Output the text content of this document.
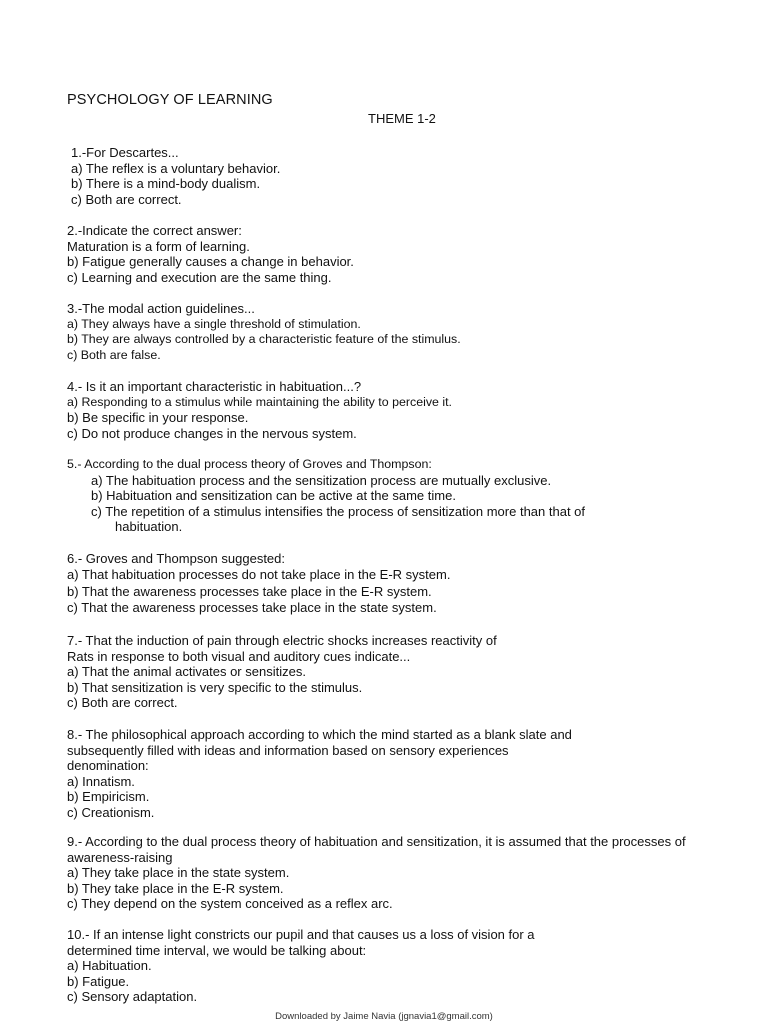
PSYCHOLOGY OF LEARNING
THEME 1-2
1.-For Descartes...
a) The reflex is a voluntary behavior.
b) There is a mind-body dualism.
c) Both are correct.
2.-Indicate the correct answer:
Maturation is a form of learning.
b) Fatigue generally causes a change in behavior.
c) Learning and execution are the same thing.
3.-The modal action guidelines...
a) They always have a single threshold of stimulation.
b) They are always controlled by a characteristic feature of the stimulus.
c) Both are false.
4.- Is it an important characteristic in habituation...?
a) Responding to a stimulus while maintaining the ability to perceive it.
b) Be specific in your response.
c) Do not produce changes in the nervous system.
5.- According to the dual process theory of Groves and Thompson:
a) The habituation process and the sensitization process are mutually exclusive.
b) Habituation and sensitization can be active at the same time.
c) The repetition of a stimulus intensifies the process of sensitization more than that of
habituation.
6.- Groves and Thompson suggested:
a) That habituation processes do not take place in the E-R system.
b) That the awareness processes take place in the E-R system.
c) That the awareness processes take place in the state system.
7.- That the induction of pain through electric shocks increases reactivity of
Rats in response to both visual and auditory cues indicate...
a) That the animal activates or sensitizes.
b) That sensitization is very specific to the stimulus.
c) Both are correct.
8.- The philosophical approach according to which the mind started as a blank slate and
subsequently filled with ideas and information based on sensory experiences
denomination:
a) Innatism.
b) Empiricism.
c) Creationism.
9.- According to the dual process theory of habituation and sensitization, it is assumed that the processes of
awareness-raising
a) They take place in the state system.
b) They take place in the E-R system.
c) They depend on the system conceived as a reflex arc.
10.- If an intense light constricts our pupil and that causes us a loss of vision for a
determined time interval, we would be talking about:
a) Habituation.
b) Fatigue.
c) Sensory adaptation.
Downloaded by Jaime Navia (jgnavia1@gmail.com)
